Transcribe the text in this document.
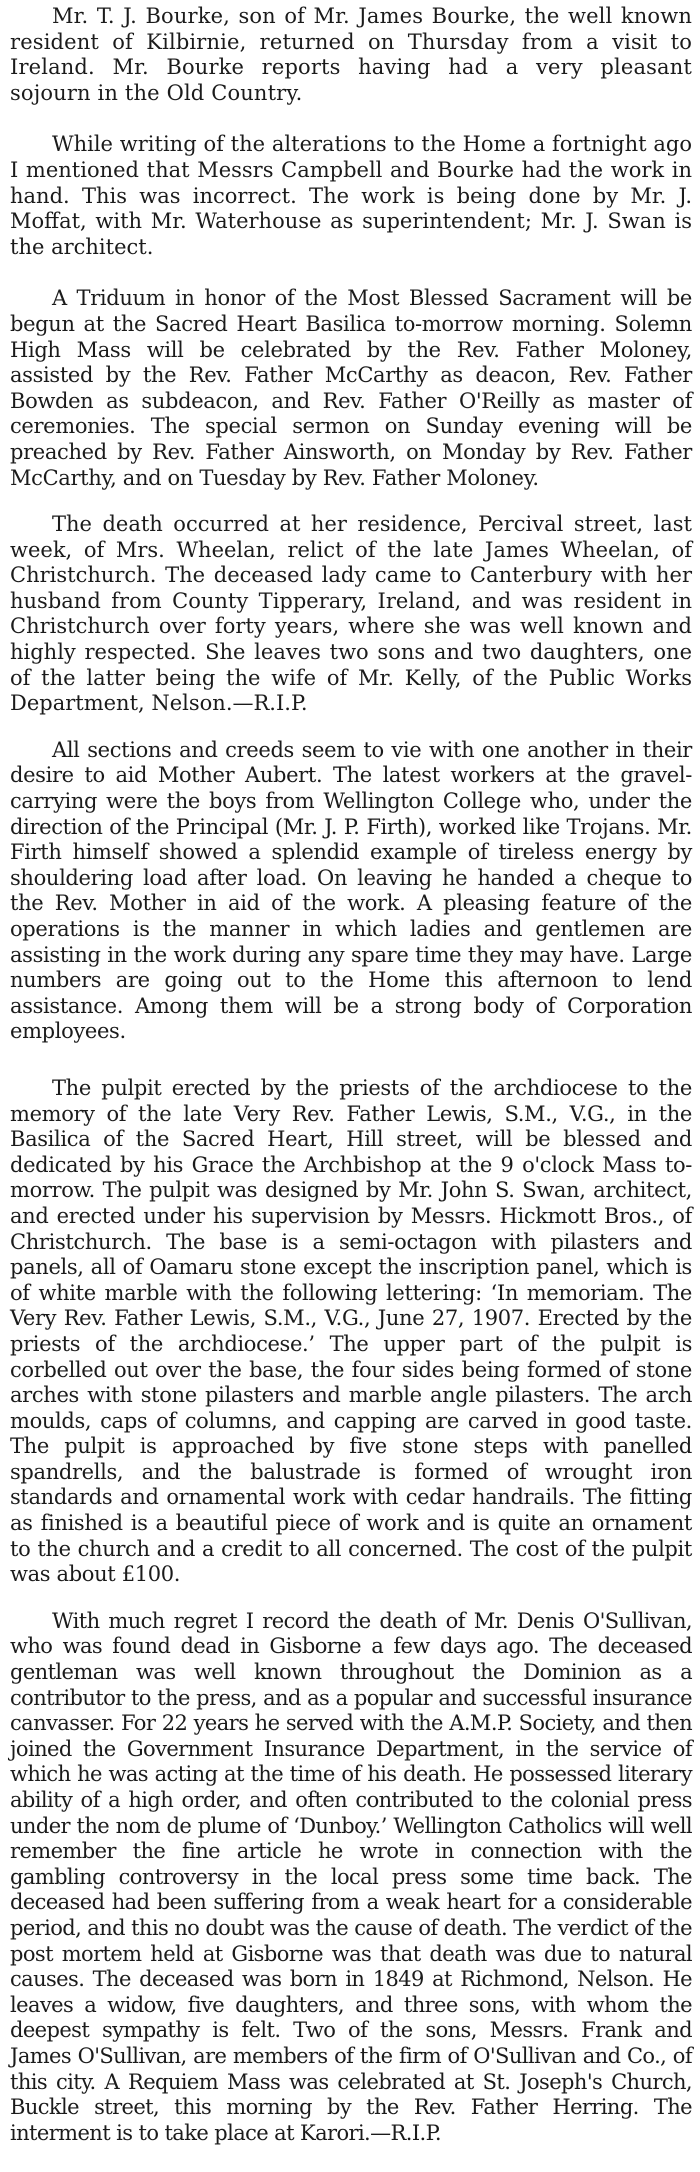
Mr. T. J. Bourke, son of Mr. James Bourke, the well known resident of Kilbirnie, returned on Thursday from a visit to Ireland. Mr. Bourke reports having had a very pleasant sojourn in the Old Country.

While writing of the alterations to the Home a fortnight ago I mentioned that Messrs Campbell and Bourke had the work in hand. This was incorrect. The work is being done by Mr. J. Moffat, with Mr. Waterhouse as superintendent; Mr. J. Swan is the architect.

A Triduum in honor of the Most Blessed Sacrament will be begun at the Sacred Heart Basilica to-morrow morning. Solemn High Mass will be celebrated by the Rev. Father Moloney, assisted by the Rev. Father McCarthy as deacon, Rev. Father Bowden as subdeacon, and Rev. Father O'Reilly as master of ceremonies. The special sermon on Sunday evening will be preached by Rev. Father Ainsworth, on Monday by Rev. Father McCarthy, and on Tuesday by Rev. Father Moloney.

The death occurred at her residence, Percival street, last week, of Mrs. Wheelan, relict of the late James Wheelan, of Christchurch. The deceased lady came to Canterbury with her husband from County Tipperary, Ireland, and was resident in Christchurch over forty years, where she was well known and highly respected. She leaves two sons and two daughters, one of the latter being the wife of Mr. Kelly, of the Public Works Department, Nelson.—R.I.P.

All sections and creeds seem to vie with one another in their desire to aid Mother Aubert. The latest workers at the gravel-carrying were the boys from Wellington College who, under the direction of the Principal (Mr. J. P. Firth), worked like Trojans. Mr. Firth himself showed a splendid example of tireless energy by shouldering load after load. On leaving he handed a cheque to the Rev. Mother in aid of the work. A pleasing feature of the operations is the manner in which ladies and gentlemen are assisting in the work during any spare time they may have. Large numbers are going out to the Home this afternoon to lend assistance. Among them will be a strong body of Corporation employees.

The pulpit erected by the priests of the archdiocese to the memory of the late Very Rev. Father Lewis, S.M., V.G., in the Basilica of the Sacred Heart, Hill street, will be blessed and dedicated by his Grace the Archbishop at the 9 o'clock Mass to-morrow. The pulpit was designed by Mr. John S. Swan, architect, and erected under his supervision by Messrs. Hickmott Bros., of Christchurch. The base is a semi-octagon with pilasters and panels, all of Oamaru stone except the inscription panel, which is of white marble with the following lettering: ‘In memoriam. The Very Rev. Father Lewis, S.M., V.G., June 27, 1907. Erected by the priests of the archdiocese.’ The upper part of the pulpit is corbelled out over the base, the four sides being formed of stone arches with stone pilasters and marble angle pilasters. The arch moulds, caps of columns, and capping are carved in good taste. The pulpit is approached by five stone steps with panelled spandrells, and the balustrade is formed of wrought iron standards and ornamental work with cedar handrails. The fitting as finished is a beautiful piece of work and is quite an ornament to the church and a credit to all concerned. The cost of the pulpit was about £100.

With much regret I record the death of Mr. Denis O'Sullivan, who was found dead in Gisborne a few days ago. The deceased gentleman was well known throughout the Dominion as a contributor to the press, and as a popular and successful insurance canvasser. For 22 years he served with the A.M.P. Society, and then joined the Government Insurance Department, in the service of which he was acting at the time of his death. He possessed literary ability of a high order, and often contributed to the colonial press under the nom de plume of ‘Dunboy.’ Wellington Catholics will well remember the fine article he wrote in connection with the gambling controversy in the local press some time back. The deceased had been suffering from a weak heart for a considerable period, and this no doubt was the cause of death. The verdict of the post mortem held at Gisborne was that death was due to natural causes. The deceased was born in 1849 at Richmond, Nelson. He leaves a widow, five daughters, and three sons, with whom the deepest sympathy is felt. Two of the sons, Messrs. Frank and James O'Sullivan, are members of the firm of O'Sullivan and Co., of this city. A Requiem Mass was celebrated at St. Joseph's Church, Buckle street, this morning by the Rev. Father Herring. The interment is to take place at Karori.—R.I.P.
